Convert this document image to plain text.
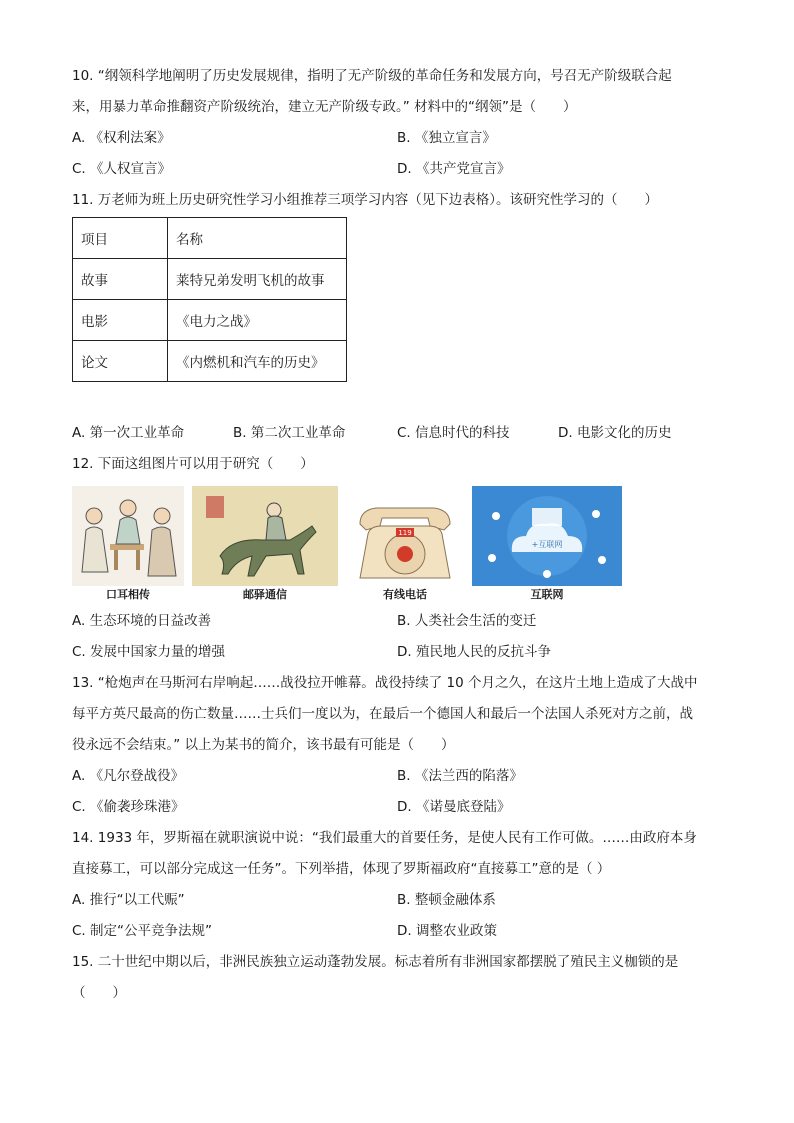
10. “纲领科学地阐明了历史发展规律，指明了无产阶级的革命任务和发展方向，号召无产阶级联合起
来，用暴力革命推翻资产阶级统治，建立无产阶级专政。” 材料中的“纲领”是（　　）
A. 《权利法案》	B. 《独立宣言》
C. 《人权宣言》	D. 《共产党宣言》
11. 万老师为班上历史研究性学习小组推荐三项学习内容（见下边表格）。该研究性学习的（　　）
项目	名称
故事	莱特兄弟发明飞机的故事
电影	《电力之战》
论文	《内燃机和汽车的历史》
A. 第一次工业革命	B. 第二次工业革命	C. 信息时代的科技	D. 电影文化的历史
12. 下面这组图片可以用于研究（　　）
口耳相传	邮驿通信
119
有线电话
+互联网
互联网
A. 生态环境的日益改善	B. 人类社会生活的变迁
C. 发展中国家力量的增强	D. 殖民地人民的反抗斗争
13. “枪炮声在马斯河右岸响起……战役拉开帷幕。战役持续了 10 个月之久，在这片土地上造成了大战中
每平方英尺最高的伤亡数量……士兵们一度以为，在最后一个德国人和最后一个法国人杀死对方之前，战
役永远不会结束。” 以上为某书的简介，该书最有可能是（　　）
A. 《凡尔登战役》	B. 《法兰西的陷落》
C. 《偷袭珍珠港》	D. 《诺曼底登陆》
14. 1933 年，罗斯福在就职演说中说：“我们最重大的首要任务，是使人民有工作可做。……由政府本身
直接募工，可以部分完成这一任务”。下列举措，体现了罗斯福政府“直接募工”意的是（ ）
A. 推行“以工代赈”	B. 整顿金融体系
C. 制定“公平竞争法规”	D. 调整农业政策
15. 二十世纪中期以后，非洲民族独立运动蓬勃发展。标志着所有非洲国家都摆脱了殖民主义枷锁的是
（　　）
